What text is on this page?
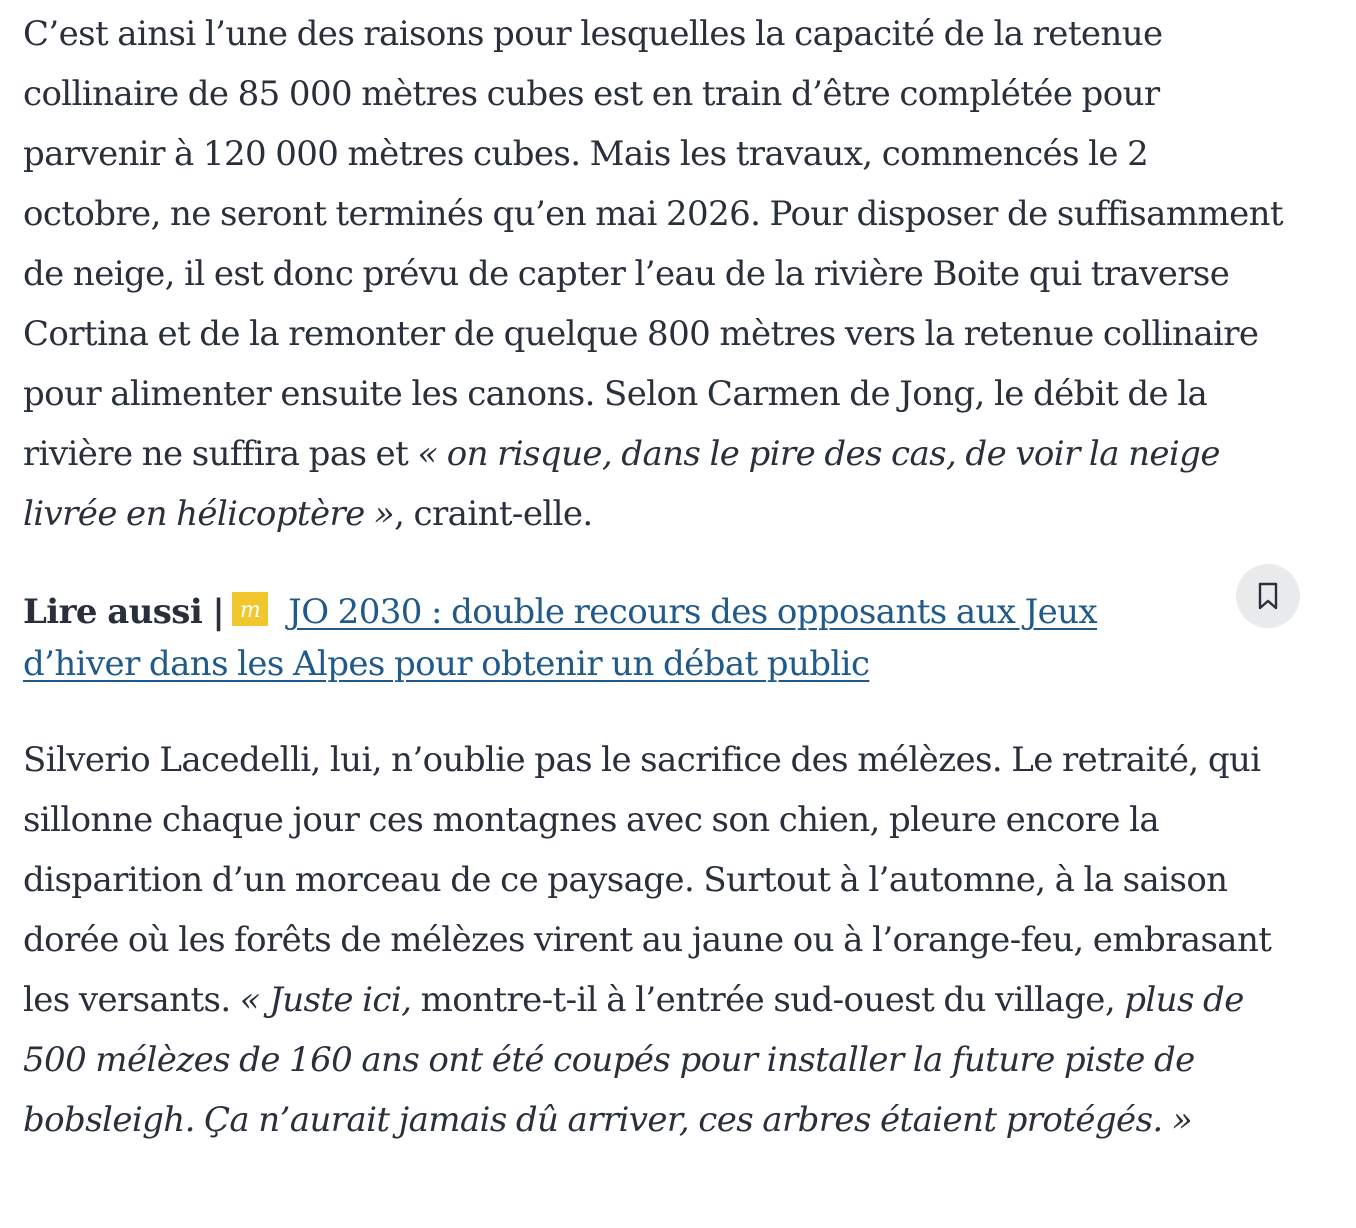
C’est ainsi l’une des raisons pour lesquelles la capacité de la retenue collinaire de 85 000 mètres cubes est en train d’être complétée pour parvenir à 120 000 mètres cubes. Mais les travaux, commencés le 2 octobre, ne seront terminés qu’en mai 2026. Pour disposer de suffisamment de neige, il est donc prévu de capter l’eau de la rivière Boite qui traverse Cortina et de la remonter de quelque 800 mètres vers la retenue collinaire pour alimenter ensuite les canons. Selon Carmen de Jong, le débit de la rivière ne suffira pas et « on risque, dans le pire des cas, de voir la neige livrée en hélicoptère », craint-elle.

Lire aussi | m JO 2030 : double recours des opposants aux Jeux d’hiver dans les Alpes pour obtenir un débat public

Silverio Lacedelli, lui, n’oublie pas le sacrifice des mélèzes. Le retraité, qui sillonne chaque jour ces montagnes avec son chien, pleure encore la disparition d’un morceau de ce paysage. Surtout à l’automne, à la saison dorée où les forêts de mélèzes virent au jaune ou à l’orange-feu, embrasant les versants. « Juste ici, montre-t-il à l’entrée sud-ouest du village, plus de 500 mélèzes de 160 ans ont été coupés pour installer la future piste de bobsleigh. Ça n’aurait jamais dû arriver, ces arbres étaient protégés. »
